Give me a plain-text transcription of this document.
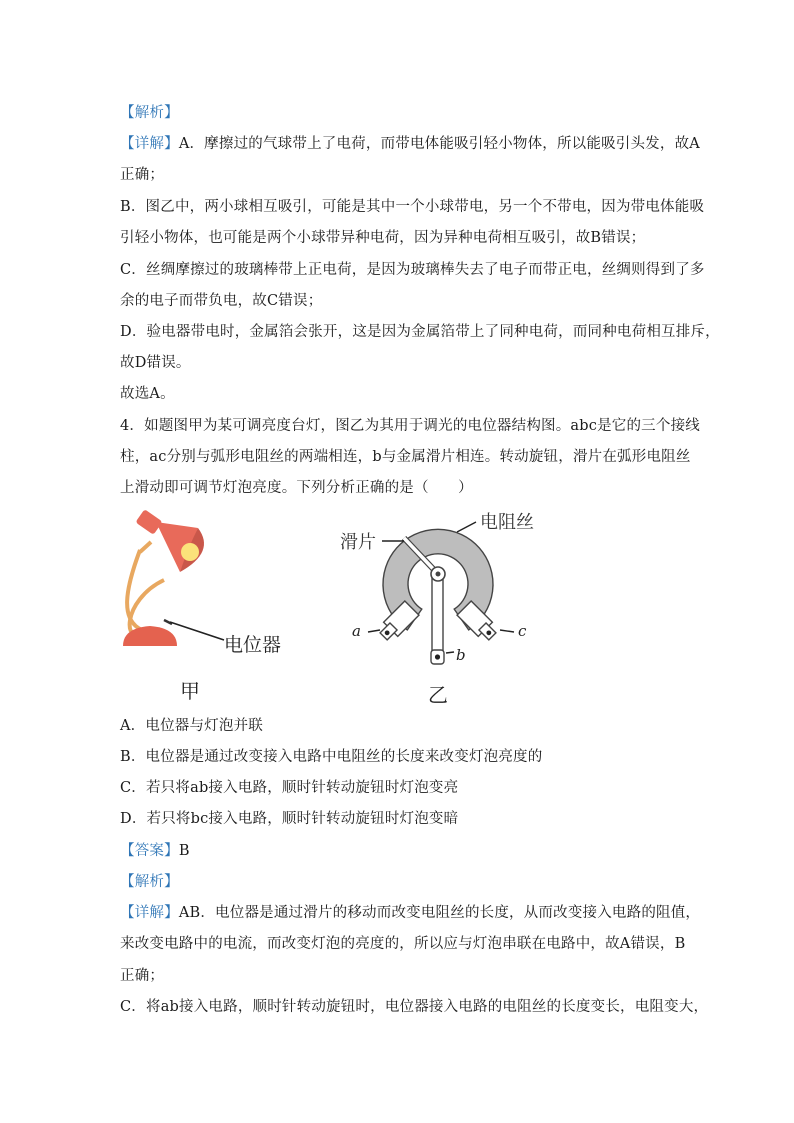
【解析】
【详解】A．摩擦过的气球带上了电荷，而带电体能吸引轻小物体，所以能吸引头发，故A
正确；
B．图乙中，两小球相互吸引，可能是其中一个小球带电，另一个不带电，因为带电体能吸
引轻小物体，也可能是两个小球带异种电荷，因为异种电荷相互吸引，故B错误；
C．丝绸摩擦过的玻璃棒带上正电荷，是因为玻璃棒失去了电子而带正电，丝绸则得到了多
余的电子而带负电，故C错误；
D．验电器带电时，金属箔会张开，这是因为金属箔带上了同种电荷，而同种电荷相互排斥，
故D错误。
故选A。
4．如题图甲为某可调亮度台灯，图乙为其用于调光的电位器结构图。abc是它的三个接线
柱，ac分别与弧形电阻丝的两端相连，b与金属滑片相连。转动旋钮，滑片在弧形电阻丝
上滑动即可调节灯泡亮度。下列分析正确的是（　　）
电位器
甲
滑片
电阻丝
a	c
b
乙
A．电位器与灯泡并联
B．电位器是通过改变接入电路中电阻丝的长度来改变灯泡亮度的
C．若只将ab接入电路，顺时针转动旋钮时灯泡变亮
D．若只将bc接入电路，顺时针转动旋钮时灯泡变暗
【答案】B
【解析】
【详解】AB．电位器是通过滑片的移动而改变电阻丝的长度，从而改变接入电路的阻值，
来改变电路中的电流，而改变灯泡的亮度的，所以应与灯泡串联在电路中，故A错误，B
正确；
C．将ab接入电路，顺时针转动旋钮时，电位器接入电路的电阻丝的长度变长，电阻变大，
